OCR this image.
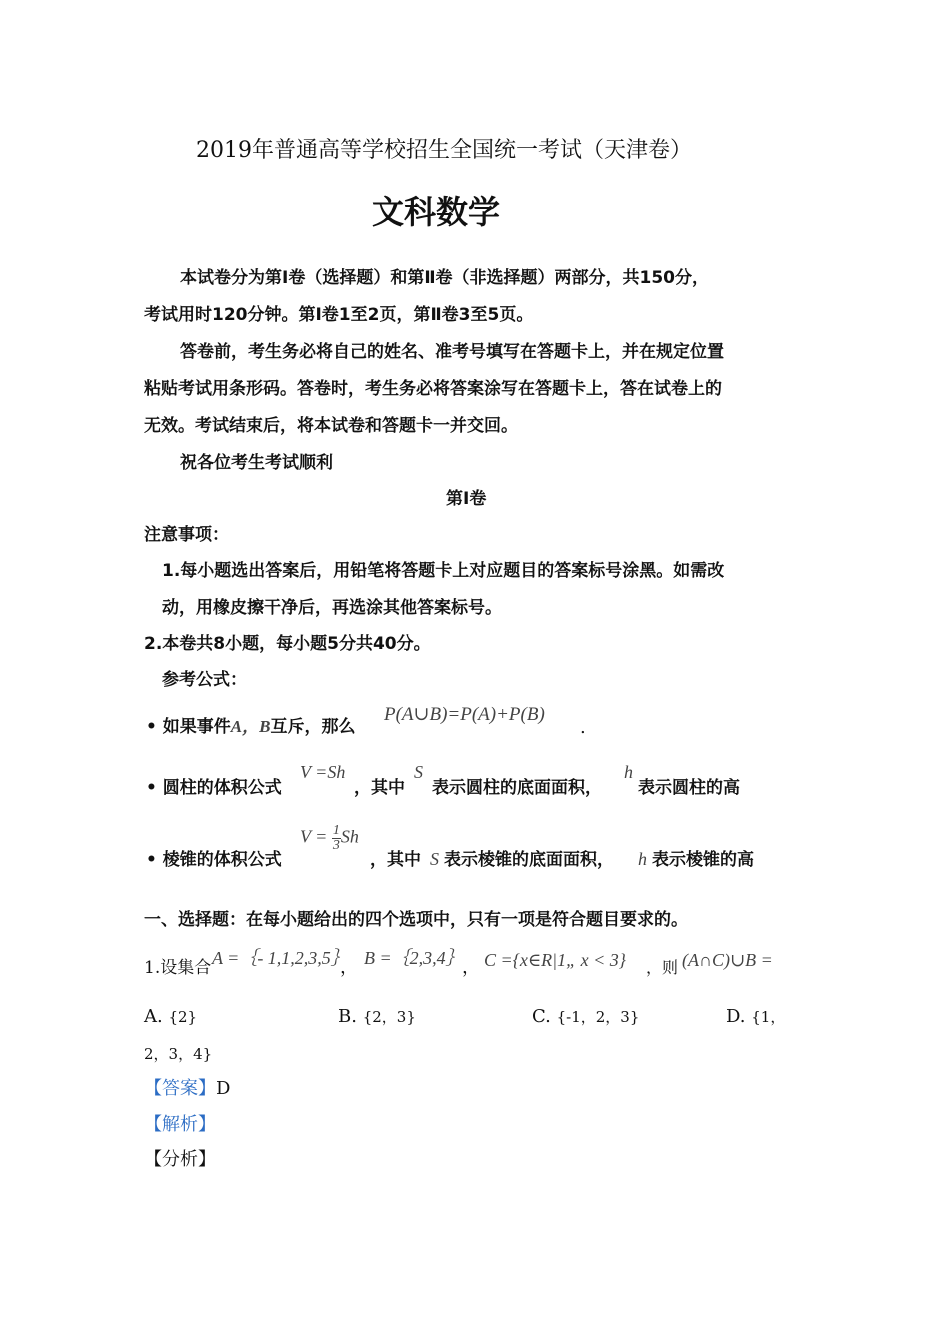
2019年普通高等学校招生全国统一考试（天津卷）
文科数学
本试卷分为第Ⅰ卷（选择题）和第Ⅱ卷（非选择题）两部分，共150分，
考试用时120分钟。第Ⅰ卷1至2页，第Ⅱ卷3至5页。
答卷前，考生务必将自己的姓名、准考号填写在答题卡上，并在规定位置
粘贴考试用条形码。答卷时，考生务必将答案涂写在答题卡上，答在试卷上的
无效。考试结束后，将本试卷和答题卡一并交回。
祝各位考生考试顺利
第Ⅰ卷
注意事项：
1.每小题选出答案后，用铅笔将答题卡上对应题目的答案标号涂黑。如需改
动，用橡皮擦干净后，再选涂其他答案标号。
2.本卷共8小题，每小题5分共40分。
参考公式：
• 如果事件A，B互斥，那么
P(A∪B)=P(A)+P(B)
.
• 圆柱的体积公式
V =Sh
，其中
S
表示圆柱的底面面积，
h
表示圆柱的高
• 棱锥的体积公式
$V = \frac{1}{3}$ Sh
，其中 S 表示棱锥的底面面积， h 表示棱锥的高
一、选择题：在每小题给出的四个选项中，只有一项是符合题目要求的。
1.设集合 A =｛- 1,1,2,3,5｝
， B =｛2,3,4｝
， C ={x∈R|1„ x < 3} ，则 (A∩C)∪B =
A. {2}	B. {2，3}	C. {-1，2，3}	D. {1，
2，3，4}
【答案】D
【解析】
【分析】
